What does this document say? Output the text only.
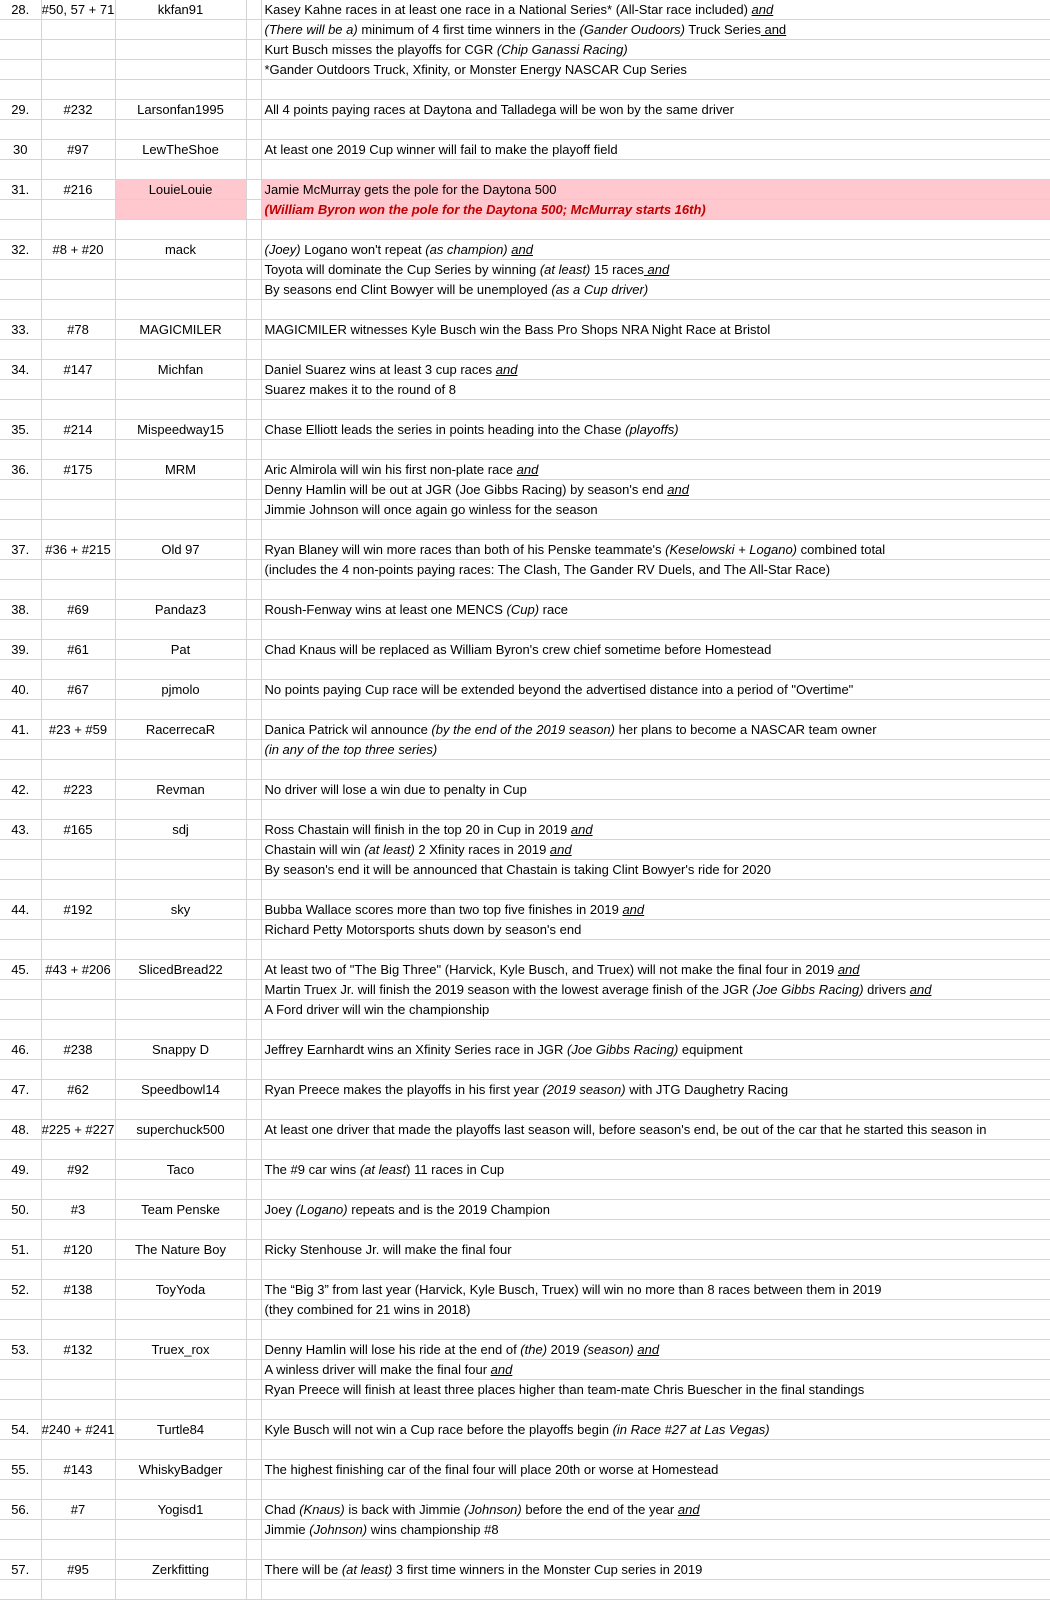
28.	#50, 57 + 71	kkfan91		Kasey Kahne races in at least one race in a National Series* (All-Star race included) and
				(There will be a) minimum of 4 first time winners in the (Gander Oudoors) Truck Series and
				Kurt Busch misses the playoffs for CGR (Chip Ganassi Racing)
				*Gander Outdoors Truck, Xfinity, or Monster Energy NASCAR Cup Series

29.	#232	Larsonfan1995		All 4 points paying races at Daytona and Talladega will be won by the same driver

30	#97	LewTheShoe		At least one 2019 Cup winner will fail to make the playoff field

31.	#216	LouieLouie		Jamie McMurray gets the pole for the Daytona 500
				(William Byron won the pole for the Daytona 500; McMurray starts 16th)

32.	#8 + #20	mack		(Joey) Logano won't repeat (as champion) and
				Toyota will dominate the Cup Series by winning (at least) 15 races and
				By seasons end Clint Bowyer will be unemployed (as a Cup driver)

33.	#78	MAGICMILER		MAGICMILER witnesses Kyle Busch win the Bass Pro Shops NRA Night Race at Bristol

34.	#147	Michfan		Daniel Suarez wins at least 3 cup races and
				Suarez makes it to the round of 8

35.	#214	Mispeedway15		Chase Elliott leads the series in points heading into the Chase (playoffs)

36.	#175	MRM		Aric Almirola will win his first non-plate race and
				Denny Hamlin will be out at JGR (Joe Gibbs Racing) by season's end and
				Jimmie Johnson will once again go winless for the season

37.	#36 + #215	Old 97		Ryan Blaney will win more races than both of his Penske teammate's (Keselowski + Logano) combined total
				(includes the 4 non-points paying races: The Clash, The Gander RV Duels, and The All-Star Race)

38.	#69	Pandaz3		Roush-Fenway wins at least one MENCS (Cup) race

39.	#61	Pat		Chad Knaus will be replaced as William Byron's crew chief sometime before Homestead

40.	#67	pjmolo		No points paying Cup race will be extended beyond the advertised distance into a period of "Overtime"

41.	#23 + #59	RacerrecaR		Danica Patrick wil announce (by the end of the 2019 season) her plans to become a NASCAR team owner
				(in any of the top three series)

42.	#223	Revman		No driver will lose a win due to penalty in Cup

43.	#165	sdj		Ross Chastain will finish in the top 20 in Cup in 2019 and
				Chastain will win (at least) 2 Xfinity races in 2019 and
				By season's end it will be announced that Chastain is taking Clint Bowyer's ride for 2020

44.	#192	sky		Bubba Wallace scores more than two top five finishes in 2019 and
				Richard Petty Motorsports shuts down by season's end

45.	#43 + #206	SlicedBread22		At least two of "The Big Three" (Harvick, Kyle Busch, and Truex) will not make the final four in 2019 and
				Martin Truex Jr. will finish the 2019 season with the lowest average finish of the JGR (Joe Gibbs Racing) drivers and
				A Ford driver will win the championship

46.	#238	Snappy D		Jeffrey Earnhardt wins an Xfinity Series race in JGR (Joe Gibbs Racing) equipment

47.	#62	Speedbowl14		Ryan Preece makes the playoffs in his first year (2019 season) with JTG Daughetry Racing

48.	#225 + #227	superchuck500		At least one driver that made the playoffs last season will, before season's end, be out of the car that he started this season in

49.	#92	Taco		The #9 car wins (at least) 11 races in Cup

50.	#3	Team Penske		Joey (Logano) repeats and is the 2019 Champion

51.	#120	The Nature Boy		Ricky Stenhouse Jr. will make the final four

52.	#138	ToyYoda		The “Big 3” from last year (Harvick, Kyle Busch, Truex) will win no more than 8 races between them in 2019
				(they combined for 21 wins in 2018)

53.	#132	Truex_rox		Denny Hamlin will lose his ride at the end of (the) 2019 (season) and
				A winless driver will make the final four and
				Ryan Preece will finish at least three places higher than team-mate Chris Buescher in the final standings

54.	#240 + #241	Turtle84		Kyle Busch will not win a Cup race before the playoffs begin (in Race #27 at Las Vegas)

55.	#143	WhiskyBadger		The highest finishing car of the final four will place 20th or worse at Homestead

56.	#7	Yogisd1		Chad (Knaus) is back with Jimmie (Johnson) before the end of the year and
				Jimmie (Johnson) wins championship #8

57.	#95	Zerkfitting		There will be (at least) 3 first time winners in the Monster Cup series in 2019
